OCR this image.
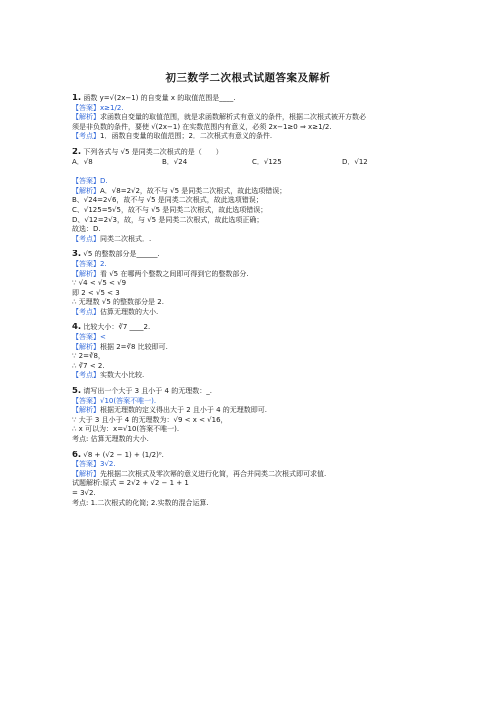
初三数学二次根式试题答案及解析
1. 函数 y=√(2x−1) 的自变量 x 的取值范围是____.
【答案】x≥1/2.
【解析】求函数自变量的取值范围，就是求函数解析式有意义的条件，根据二次根式被开方数必
须是非负数的条件，要使 √(2x−1) 在实数范围内有意义，必须 2x−1≥0 ⇒ x≥1/2.
【考点】1．函数自变量的取值范围；2．二次根式有意义的条件.
2. 下列各式与 √5 是同类二次根式的是（　　）
A．√8	B．√24	C．√125	D．√12
【答案】D.
【解析】A．√8=2√2，故不与 √5 是同类二次根式，故此选项错误；
B、√24=2√6，故不与 √5 是同类二次根式，故此选项错误；
C、√125=5√5，故不与 √5 是同类二次根式，故此选项错误；
D、√12=2√3，故，与 √5 是同类二次根式，故此选项正确；
故选：D.
【考点】同类二次根式．.
3. √5 的整数部分是______.
【答案】2.
【解析】看 √5 在哪两个整数之间即可得到它的整数部分.
∵ √4 < √5 < √9
即 2 < √5 < 3
∴ 无理数 √5 的整数部分是 2.
【考点】估算无理数的大小.
4. 比较大小：∛7 ____2.
【答案】<
【解析】根据 2=∛8 比较即可.
∵ 2=∛8，
∴ ∛7 < 2.
【考点】实数大小比较.
5. 请写出一个大于 3 且小于 4 的无理数：_.
【答案】√10(答案不唯一).
【解析】根据无理数的定义得出大于 2 且小于 4 的无理数即可.
∵ 大于 3 且小于 4 的无理数为：√9 < x < √16，
∴ x 可以为：x=√10(答案不唯一).
考点: 估算无理数的大小.
6. √8 + (√2 − 1) + (1/2)⁰.
【答案】3√2.
【解析】先根据二次根式及零次幂的意义进行化简，再合并同类二次根式即可求值.
试题解析:原式 = 2√2 + √2 − 1 + 1
= 3√2.
考点: 1.二次根式的化简; 2.实数的混合运算.
